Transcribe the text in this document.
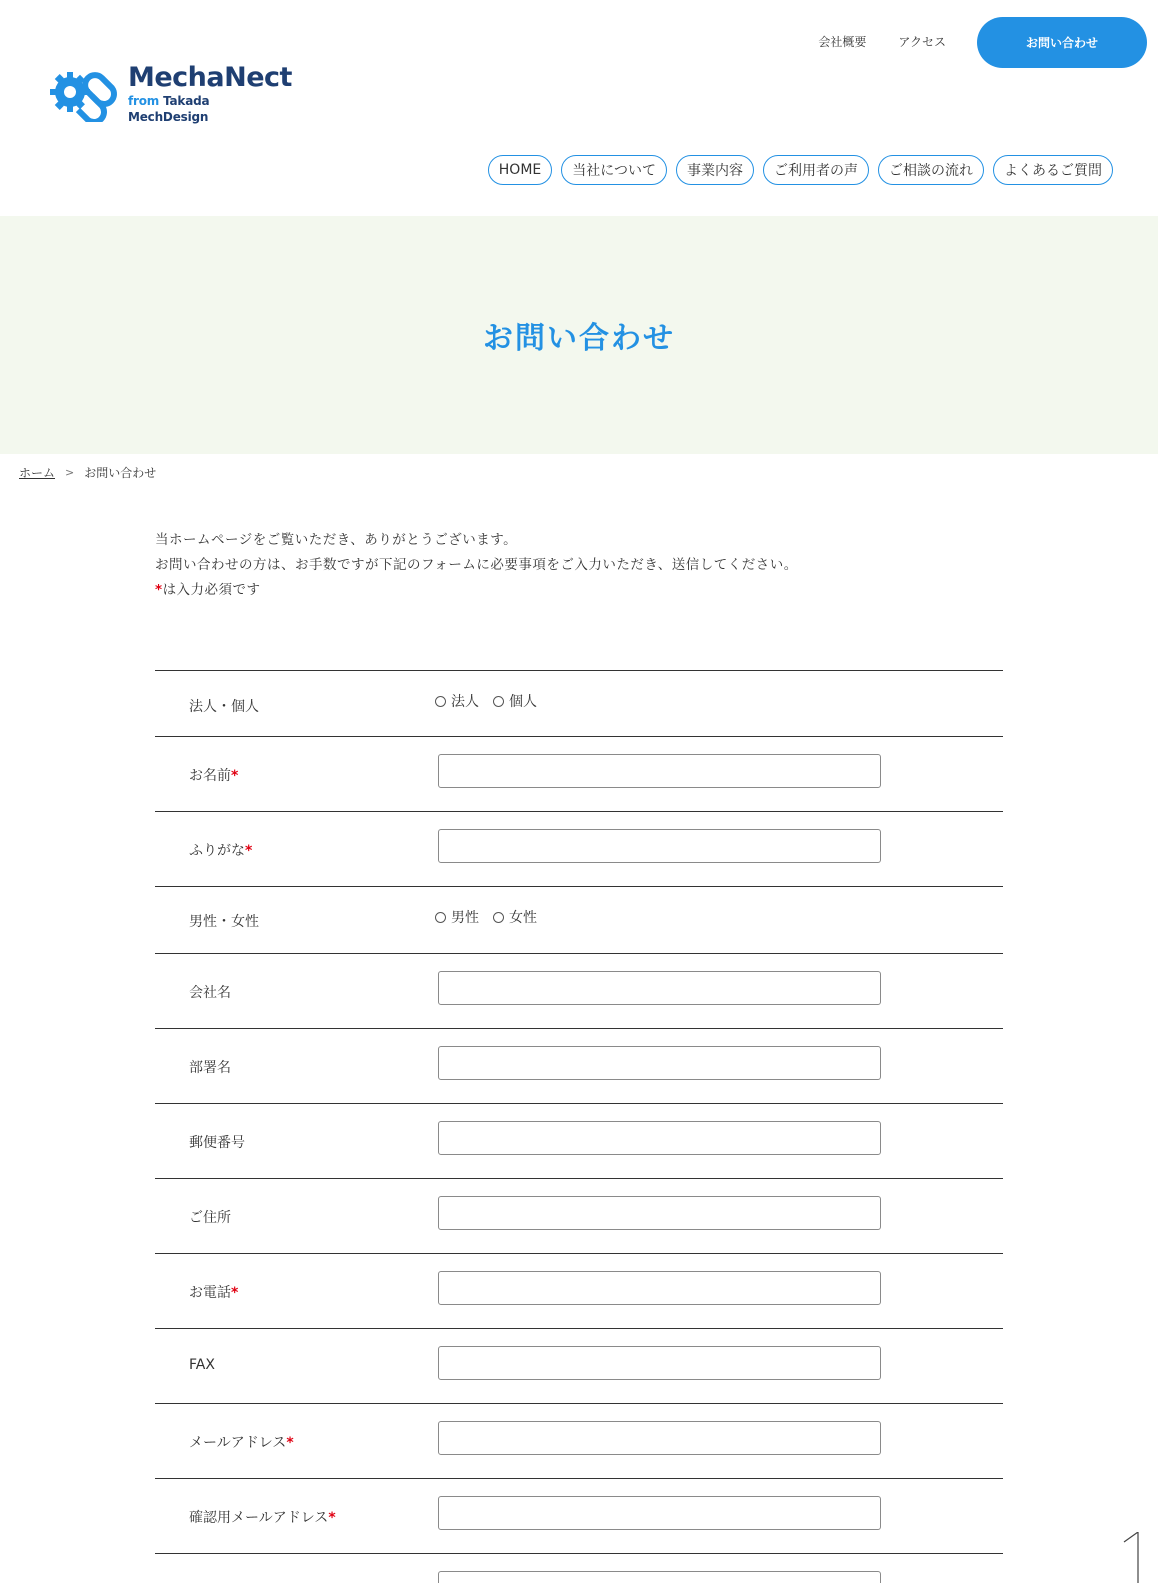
MechaNect
from Takada MechDesign
会社概要	アクセス	お問い合わせ
HOME	当社について	事業内容	ご利用者の声	ご相談の流れ	よくあるご質問
お問い合わせ
ホーム > お問い合わせ
当ホームページをご覧いただき、ありがとうございます。
お問い合わせの方は、お手数ですが下記のフォームに必要事項をご入力いただき、送信してください。
*は入力必須です
法人・個人	法人 個人
お名前*
ふりがな*
男性・女性	男性 女性
会社名
部署名
郵便番号
ご住所
お電話*
FAX
メールアドレス*
確認用メールアドレス*
